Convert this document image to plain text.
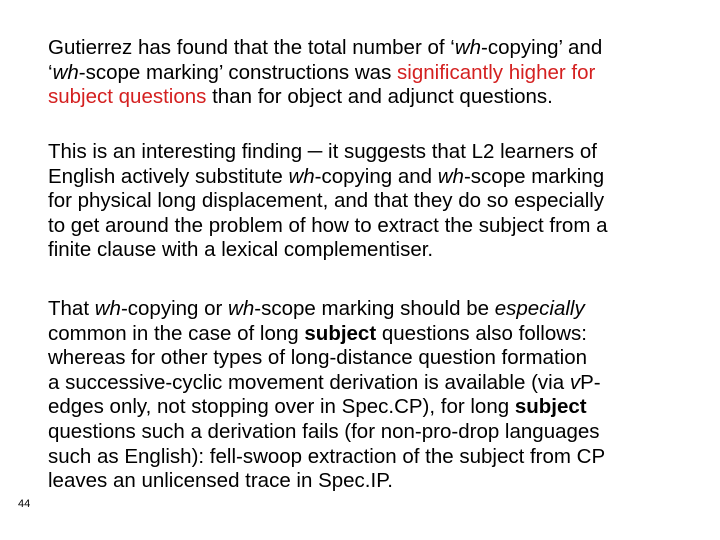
Gutierrez has found that the total number of ‘wh-copying’ and
‘wh-scope marking’ constructions was significantly higher for
subject questions than for object and adjunct questions.
This is an interesting finding ─ it suggests that L2 learners of
English actively substitute wh-copying and wh-scope marking
for physical long displacement, and that they do so especially
to get around the problem of how to extract the subject from a
finite clause with a lexical complementiser.
That wh-copying or wh-scope marking should be especially
common in the case of long subject questions also follows:
whereas for other types of long-distance question formation
a successive-cyclic movement derivation is available (via vP-
edges only, not stopping over in Spec.CP), for long subject
questions such a derivation fails (for non-pro-drop languages
such as English): fell-swoop extraction of the subject from CP
leaves an unlicensed trace in Spec.IP.
44
